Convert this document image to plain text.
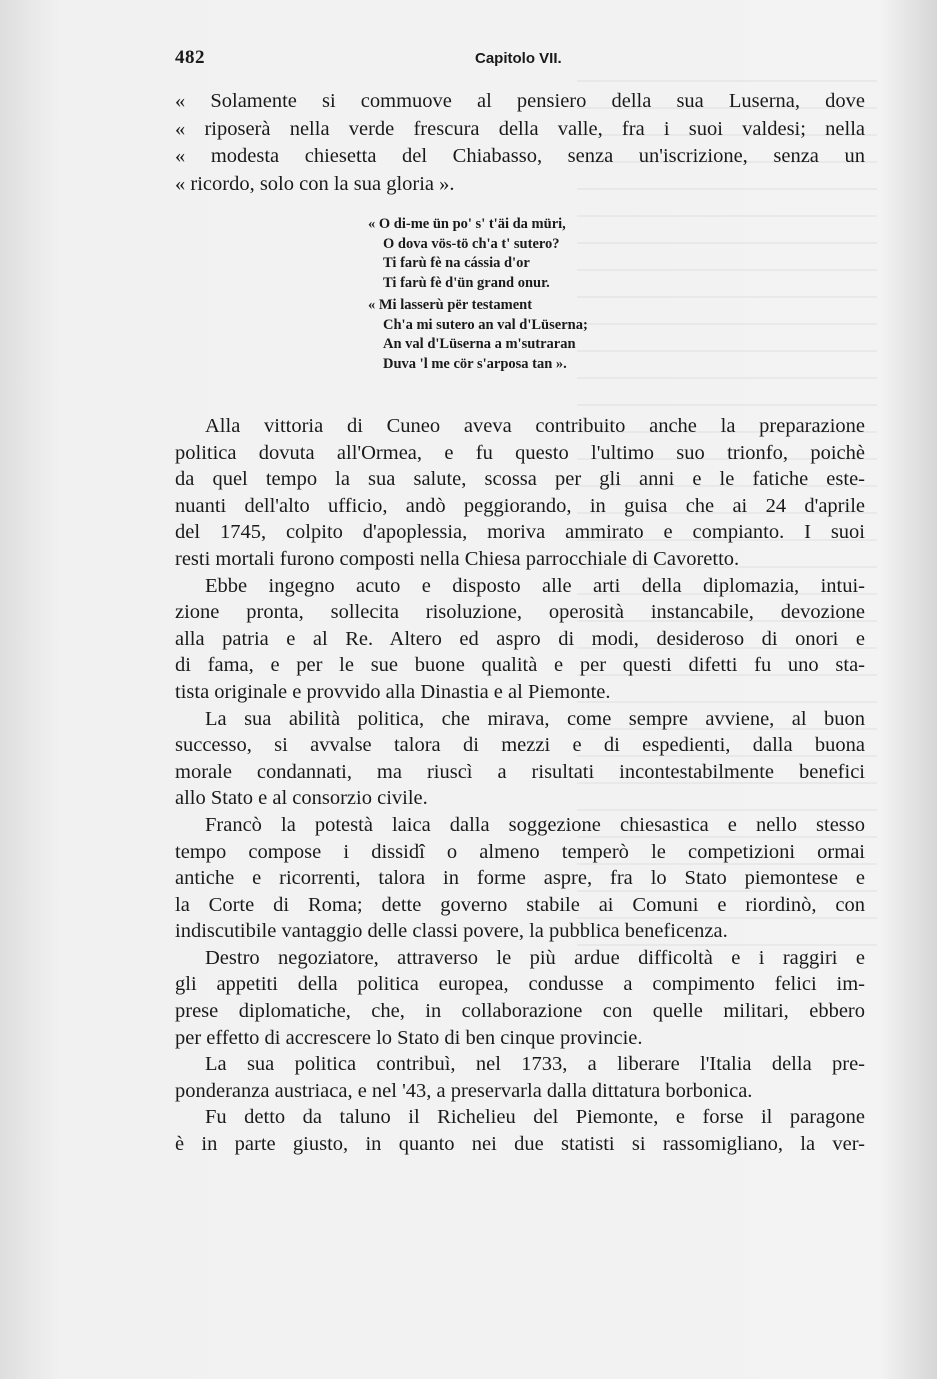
482	Capitolo VII.
« Solamente si commuove al pensiero della sua Luserna, dove
« riposerà nella verde frescura della valle, fra i suoi valdesi; nella
« modesta chiesetta del Chiabasso, senza un'iscrizione, senza un
« ricordo, solo con la sua gloria ».
« O di-me ün po' s' t'äi da müri,
O dova vös-tö ch'a t' sutero?
Ti farù fè na cássia d'or
Ti farù fè d'ün grand onur.
« Mi lasserù për testament
Ch'a mi sutero an val d'Lüserna;
An val d'Lüserna a m'sutraran
Duva 'l me cör s'arposa tan ».
Alla vittoria di Cuneo aveva contribuito anche la preparazione
politica dovuta all'Ormea, e fu questo l'ultimo suo trionfo, poichè
da quel tempo la sua salute, scossa per gli anni e le fatiche este-
nuanti dell'alto ufficio, andò peggiorando, in guisa che ai 24 d'aprile
del 1745, colpito d'apoplessia, moriva ammirato e compianto. I suoi
resti mortali furono composti nella Chiesa parrocchiale di Cavoretto.
Ebbe ingegno acuto e disposto alle arti della diplomazia, intui-
zione pronta, sollecita risoluzione, operosità instancabile, devozione
alla patria e al Re. Altero ed aspro di modi, desideroso di onori e
di fama, e per le sue buone qualità e per questi difetti fu uno sta-
tista originale e provvido alla Dinastia e al Piemonte.
La sua abilità politica, che mirava, come sempre avviene, al buon
successo, si avvalse talora di mezzi e di espedienti, dalla buona
morale condannati, ma riuscì a risultati incontestabilmente benefici
allo Stato e al consorzio civile.
Francò la potestà laica dalla soggezione chiesastica e nello stesso
tempo compose i dissidî o almeno temperò le competizioni ormai
antiche e ricorrenti, talora in forme aspre, fra lo Stato piemontese e
la Corte di Roma; dette governo stabile ai Comuni e riordinò, con
indiscutibile vantaggio delle classi povere, la pubblica beneficenza.
Destro negoziatore, attraverso le più ardue difficoltà e i raggiri e
gli appetiti della politica europea, condusse a compimento felici im-
prese diplomatiche, che, in collaborazione con quelle militari, ebbero
per effetto di accrescere lo Stato di ben cinque provincie.
La sua politica contribuì, nel 1733, a liberare l'Italia della pre-
ponderanza austriaca, e nel '43, a preservarla dalla dittatura borbonica.
Fu detto da taluno il Richelieu del Piemonte, e forse il paragone
è in parte giusto, in quanto nei due statisti si rassomigliano, la ver-
